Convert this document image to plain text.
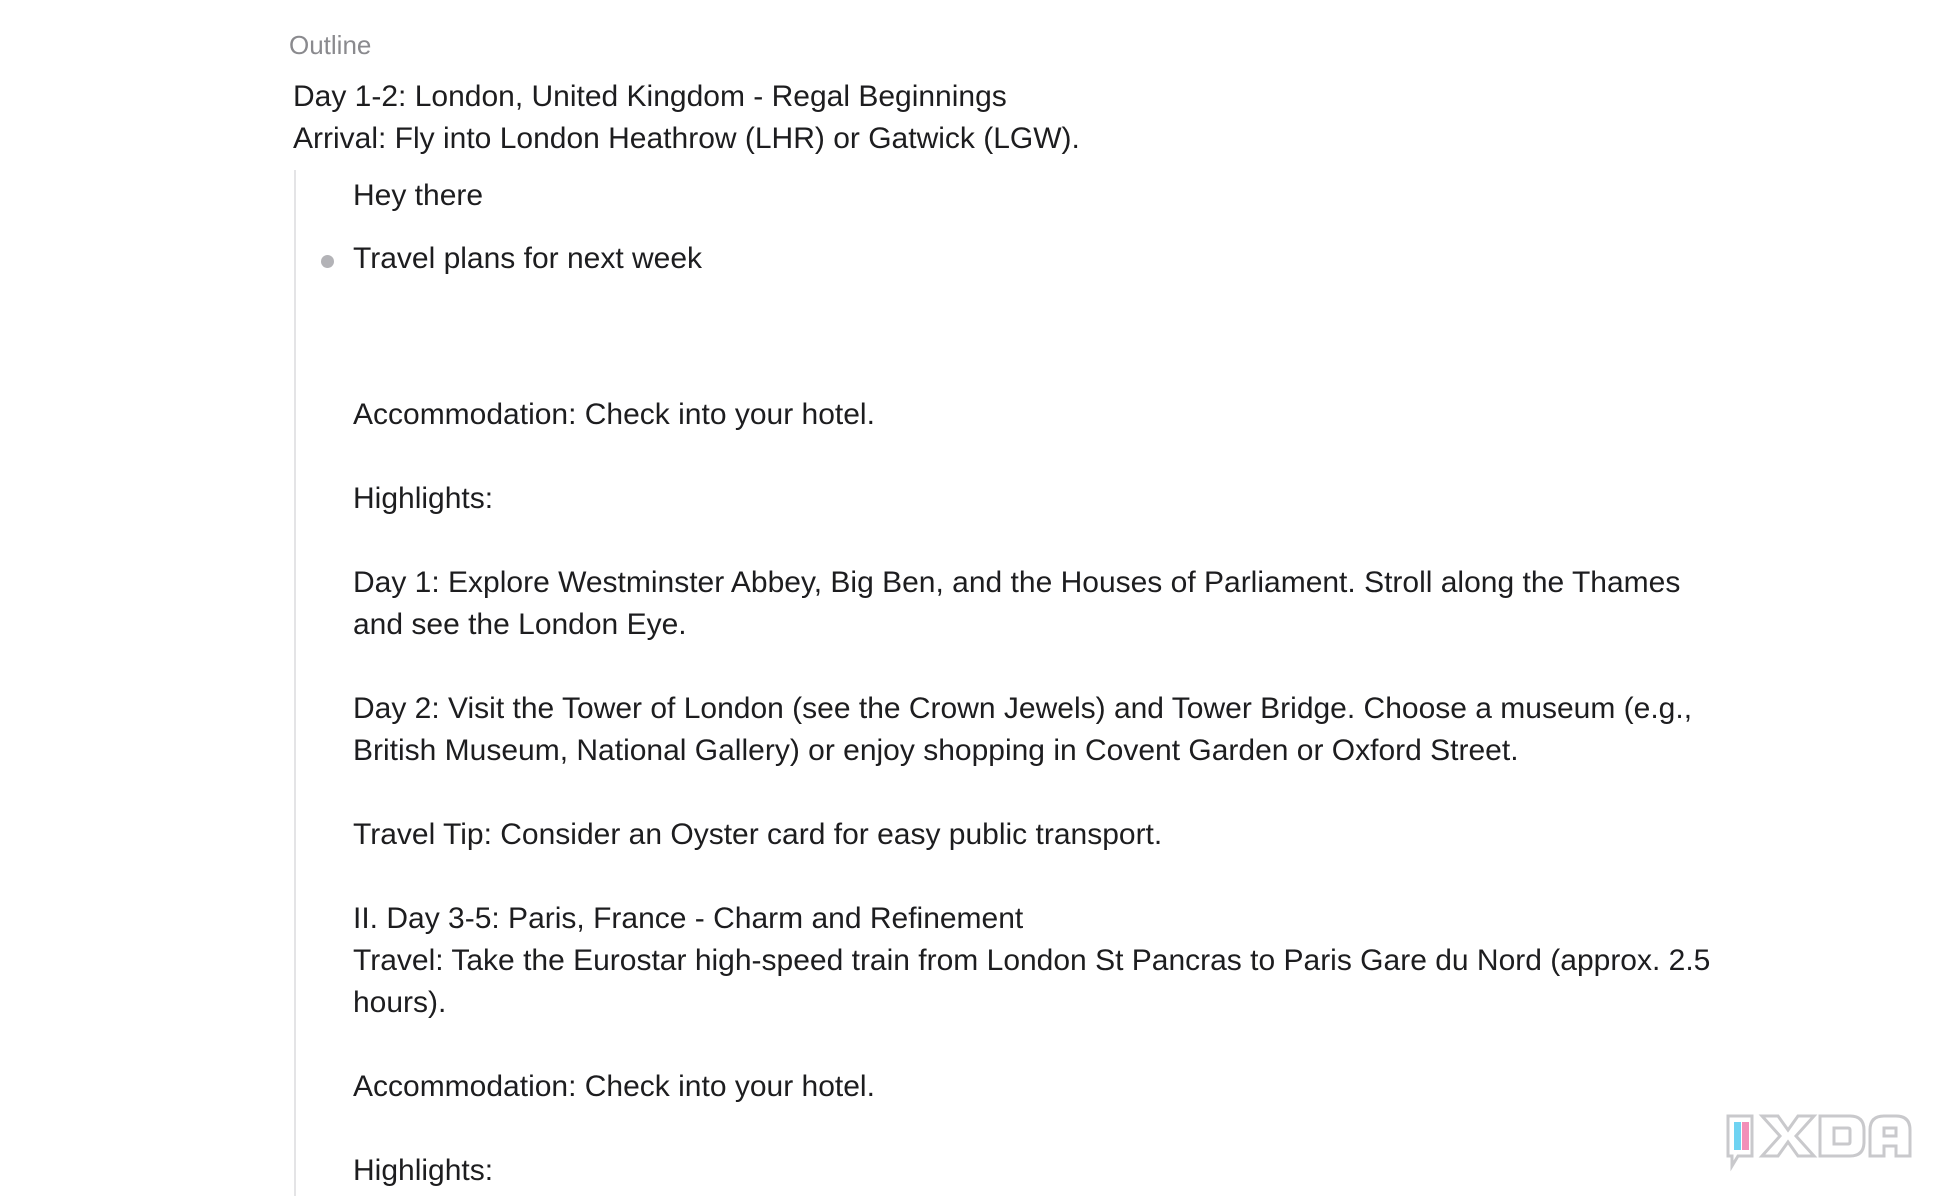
Outline
Day 1-2: London, United Kingdom - Regal Beginnings
Arrival: Fly into London Heathrow (LHR) or Gatwick (LGW).
Hey there
Travel plans for next week

Accommodation: Check into your hotel.

Highlights:

Day 1: Explore Westminster Abbey, Big Ben, and the Houses of Parliament. Stroll along the Thames and see the London Eye.

Day 2: Visit the Tower of London (see the Crown Jewels) and Tower Bridge. Choose a museum (e.g., British Museum, National Gallery) or enjoy shopping in Covent Garden or Oxford Street.

Travel Tip: Consider an Oyster card for easy public transport.

II. Day 3-5: Paris, France - Charm and Refinement

Travel: Take the Eurostar high-speed train from London St Pancras to Paris Gare du Nord (approx. 2.5 hours).

Accommodation: Check into your hotel.

Highlights:
